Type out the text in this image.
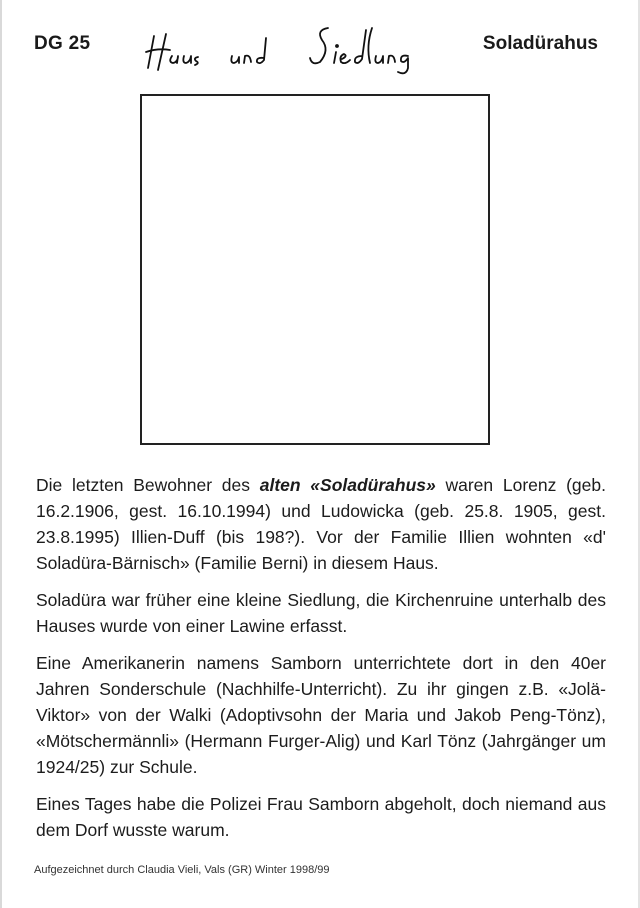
DG 25	Soladürahus

Die letzten Bewohner des alten «Soladürahus» waren Lorenz (geb. 16.2.1906, gest. 16.10.1994) und Ludowicka (geb. 25.8. 1905, gest. 23.8.1995) Illien-Duff (bis 198?). Vor der Familie Illien wohnten «d' Soladüra-Bärnisch» (Familie Berni) in diesem Haus.

Soladüra war früher eine kleine Siedlung, die Kirchenruine unterhalb des Hauses wurde von einer Lawine erfasst.

Eine Amerikanerin namens Samborn unterrichtete dort in den 40er Jahren Sonderschule (Nachhilfe-Unterricht). Zu ihr gingen z.B. «Jolä-Viktor» von der Walki (Adoptivsohn der Maria und Jakob Peng-Tönz), «Mötschermännli» (Hermann Furger-Alig) und Karl Tönz (Jahrgänger um 1924/25) zur Schule.

Eines Tages habe die Polizei Frau Samborn abgeholt, doch niemand aus dem Dorf wusste warum.

Aufgezeichnet durch Claudia Vieli, Vals (GR) Winter 1998/99
